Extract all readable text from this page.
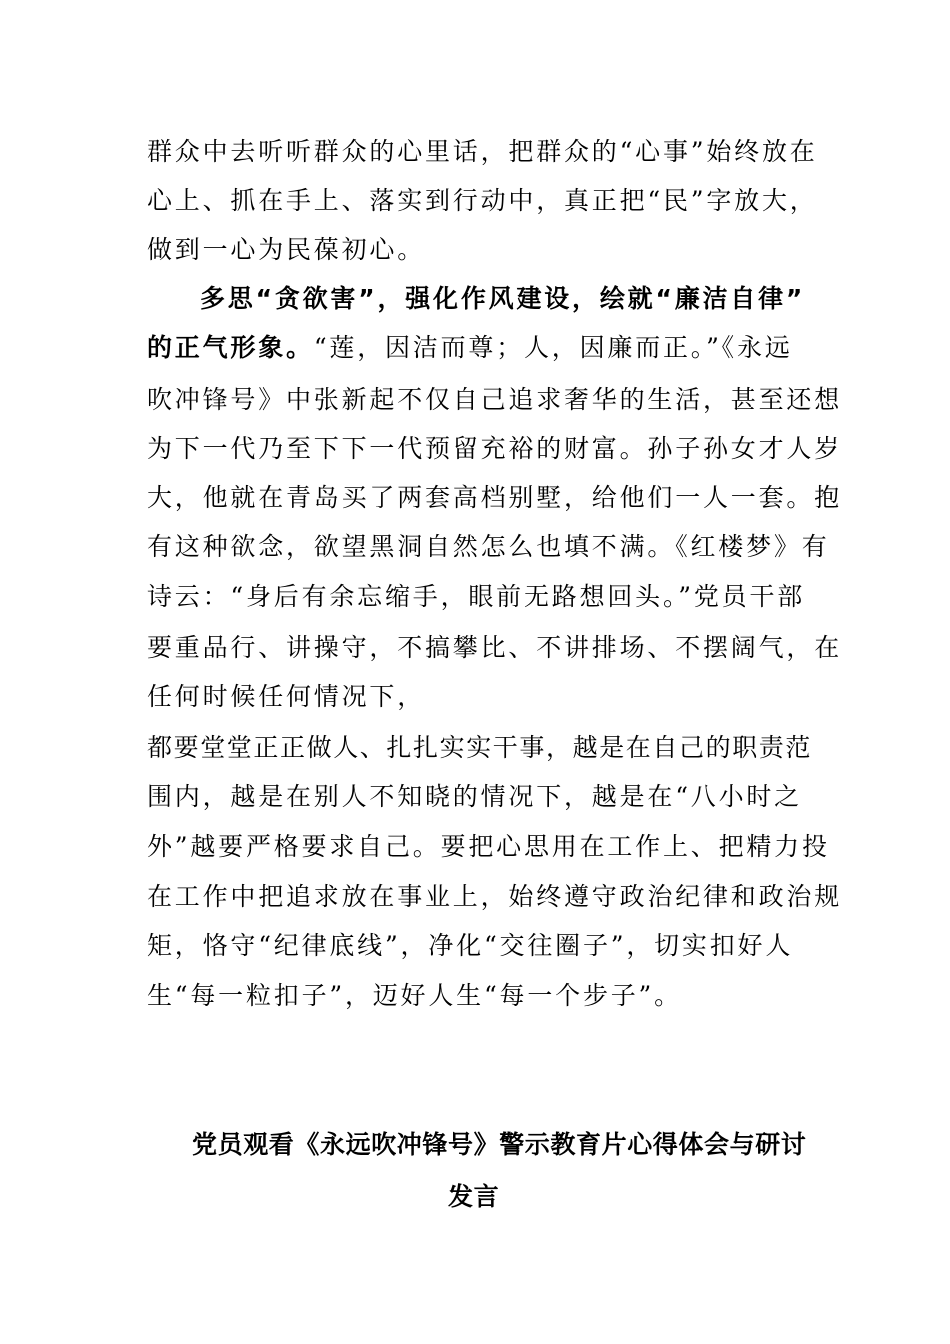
群众中去听听群众的心里话，把群众的“心事”始终放在
心上、抓在手上、落实到行动中，真正把“民”字放大，
做到一心为民葆初心。
多思“贪欲害”，强化作风建设，绘就“廉洁自律”
的正气形象。“莲，因洁而尊；人，因廉而正。”《永远
吹冲锋号》中张新起不仅自己追求奢华的生活，甚至还想
为下一代乃至下下一代预留充裕的财富。孙子孙女才人岁
大，他就在青岛买了两套高档别墅，给他们一人一套。抱
有这种欲念，欲望黑洞自然怎么也填不满。《红楼梦》有
诗云：“身后有余忘缩手，眼前无路想回头。”党员干部
要重品行、讲操守，不搞攀比、不讲排场、不摆阔气，在
任何时候任何情况下，
都要堂堂正正做人、扎扎实实干事，越是在自己的职责范
围内，越是在别人不知晓的情况下，越是在“八小时之
外”越要严格要求自己。要把心思用在工作上、把精力投
在工作中把追求放在事业上，始终遵守政治纪律和政治规
矩，恪守“纪律底线”，净化“交往圈子”，切实扣好人
生“每一粒扣子”，迈好人生“每一个步子”。
党员观看《永远吹冲锋号》警示教育片心得体会与研讨
发言
